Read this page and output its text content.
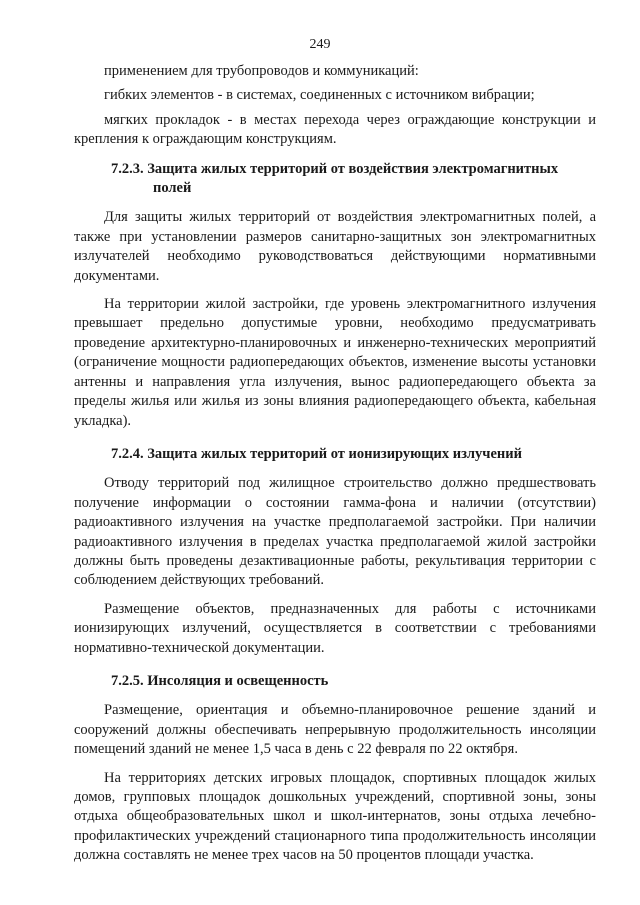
249

применением для трубопроводов и коммуникаций:

гибких элементов - в системах, соединенных с источником вибрации;

мягких прокладок - в местах перехода через ограждающие конструкции и крепления к ограждающим конструкциям.

7.2.3. Защита жилых территорий от воздействия электромагнитных полей

Для защиты жилых территорий от воздействия электромагнитных полей, а также при установлении размеров санитарно-защитных зон электромагнитных излучателей необходимо руководствоваться действующими нормативными документами.

На территории жилой застройки, где уровень электромагнитного излучения превышает предельно допустимые уровни, необходимо предусматривать проведение архитектурно-планировочных и инженерно-технических мероприятий (ограничение мощности радиопередающих объектов, изменение высоты установки антенны и направления угла излучения, вынос радиопередающего объекта за пределы жилья или жилья из зоны влияния радиопередающего объекта, кабельная укладка).

7.2.4. Защита жилых территорий от ионизирующих излучений

Отводу территорий под жилищное строительство должно предшествовать получение информации о состоянии гамма-фона и наличии (отсутствии) радиоактивного излучения на участке предполагаемой застройки. При наличии радиоактивного излучения в пределах участка предполагаемой жилой застройки должны быть проведены дезактивационные работы, рекультивация территории с соблюдением действующих требований.

Размещение объектов, предназначенных для работы с источниками ионизирующих излучений, осуществляется в соответствии с требованиями нормативно-технической документации.

7.2.5. Инсоляция и освещенность

Размещение, ориентация и объемно-планировочное решение зданий и сооружений должны обеспечивать непрерывную продолжительность инсоляции помещений зданий не менее 1,5 часа в день с 22 февраля по 22 октября.

На территориях детских игровых площадок, спортивных площадок жилых домов, групповых площадок дошкольных учреждений, спортивной зоны, зоны отдыха общеобразовательных школ и школ-интернатов, зоны отдыха лечебно-профилактических учреждений стационарного типа продолжительность инсоляции должна составлять не менее трех часов на 50 процентов площади участка.
